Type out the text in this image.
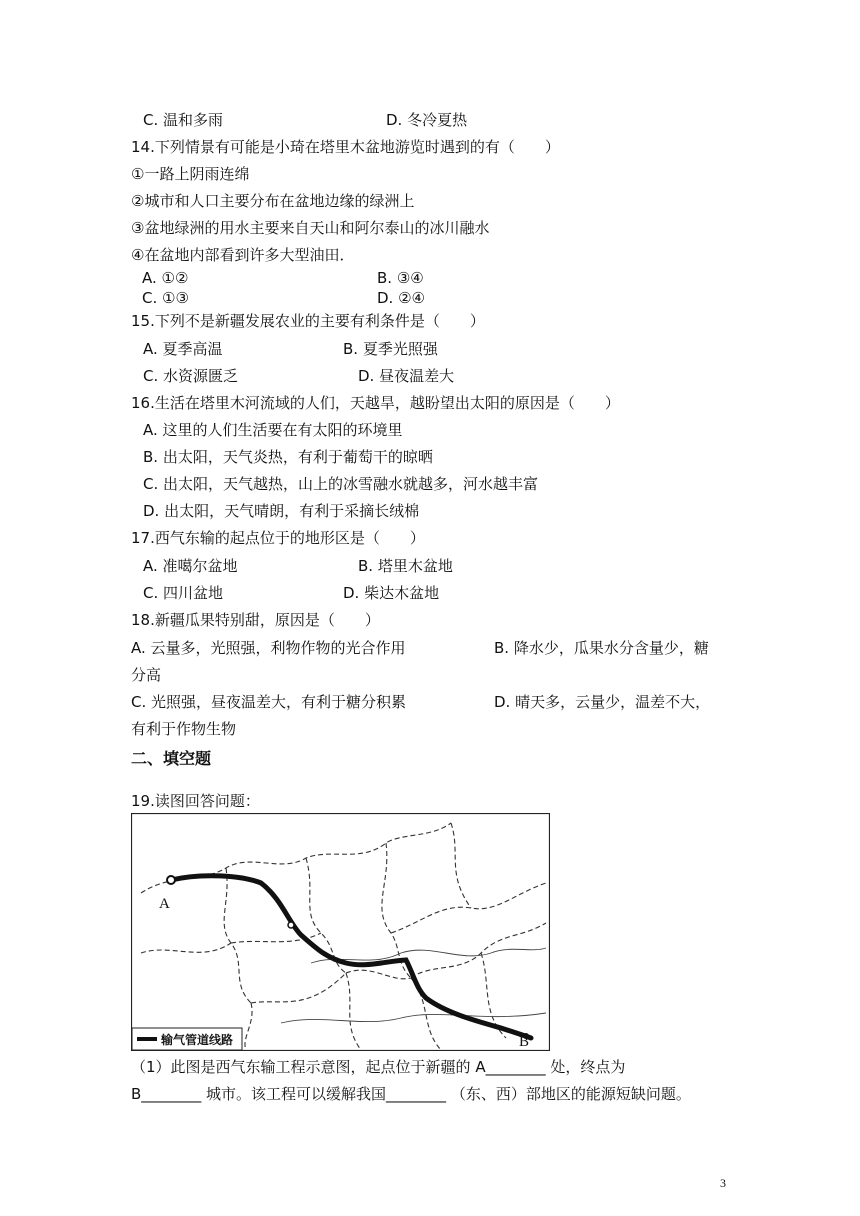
C. 温和多雨	D. 冬冷夏热
14.下列情景有可能是小琦在塔里木盆地游览时遇到的有（　　）
①一路上阴雨连绵
②城市和人口主要分布在盆地边缘的绿洲上
③盆地绿洲的用水主要来自天山和阿尔泰山的冰川融水
④在盆地内部看到许多大型油田．
A. ①②	B. ③④
C. ①③	D. ②④
15.下列不是新疆发展农业的主要有利条件是（　　）
A. 夏季高温	B. 夏季光照强
C. 水资源匮乏	D. 昼夜温差大
16.生活在塔里木河流域的人们，天越旱，越盼望出太阳的原因是（　　）
A. 这里的人们生活要在有太阳的环境里
B. 出太阳，天气炎热，有利于葡萄干的晾晒
C. 出太阳，天气越热，山上的冰雪融水就越多，河水越丰富
D. 出太阳，天气晴朗，有利于采摘长绒棉
17.西气东输的起点位于的地形区是（　　）
A. 准噶尔盆地	B. 塔里木盆地
C. 四川盆地	D. 柴达木盆地
18.新疆瓜果特别甜，原因是（　　）
A. 云量多，光照强，利物作物的光合作用	B. 降水少，瓜果水分含量少，糖
分高
C. 光照强，昼夜温差大，有利于糖分积累	D. 晴天多，云量少，温差不大，
有利于作物生物
二、填空题
19.读图回答问题：
（1）此图是西气东输工程示意图，起点位于新疆的 A________ 处，终点为
B________ 城市。该工程可以缓解我国________ （东、西）部地区的能源短缺问题。
A
B
输气管道线路
3
